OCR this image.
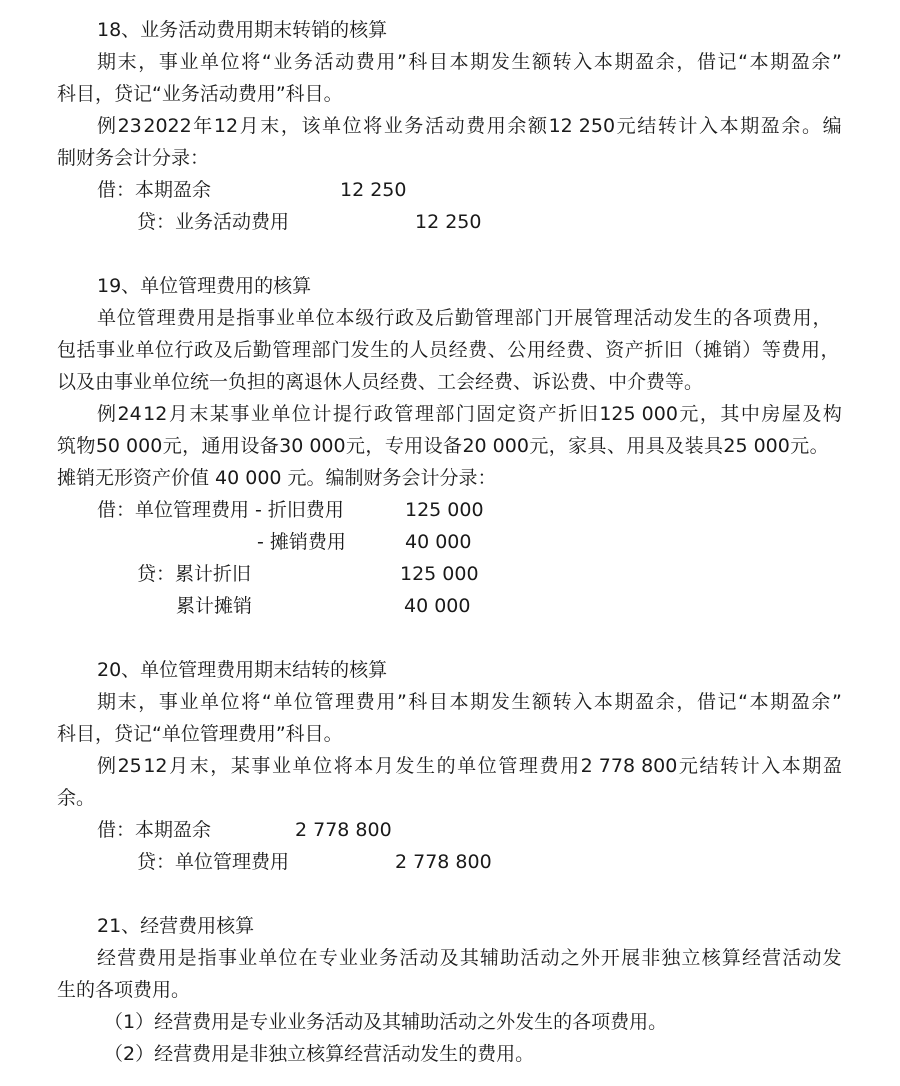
18、业务活动费用期末转销的核算
期 末 ， 事 业 单 位 将 “ 业 务 活 动 费 用 ” 科 目 本 期 发 生 额 转 入 本 期 盈 余 ， 借 记 “ 本 期 盈 余 ”
科目，贷记“业务活动费用”科目。
例 23 2022 年 12 月 末 ， 该 单 位 将 业 务 活 动 费 用 余 额 12 250 元 结 转 计 入 本 期 盈 余 。 编
制财务会计分录：
借：本期盈余	12 250
贷：业务活动费用	12 250
19、单位管理费用的核算
单 位 管 理 费 用 是 指 事 业 单 位 本 级 行 政 及 后 勤 管 理 部 门 开 展 管 理 活 动 发 生 的 各 项 费 用 ，
包 括 事 业 单 位 行 政 及 后 勤 管 理 部 门 发 生 的 人 员 经 费 、 公 用 经 费 、 资 产 折 旧 （ 摊 销 ） 等 费 用 ，
以及由事业单位统一负担的离退休人员经费、工会经费、诉讼费、中介费等。
例 24 12 月 末 某 事 业 单 位 计 提 行 政 管 理 部 门 固 定 资 产 折 旧 125 000 元 ， 其 中 房 屋 及 构
筑 物 50 000 元 ， 通 用 设 备 30 000 元 ， 专 用 设 备 20 000 元 ， 家 具 、 用 具 及 装 具 25 000 元 。
摊销无形资产价值 40 000 元。编制财务会计分录：
借：单位管理费用 - 折旧费用	125 000
- 摊销费用	40 000
贷：累计折旧	125 000
累计摊销	40 000
20、单位管理费用期末结转的核算
期 末 ， 事 业 单 位 将 “ 单 位 管 理 费 用 ” 科 目 本 期 发 生 额 转 入 本 期 盈 余 ， 借 记 “ 本 期 盈 余 ”
科目，贷记“单位管理费用”科目。
例 25 12 月 末 ， 某 事 业 单 位 将 本 月 发 生 的 单 位 管 理 费 用 2 778 800 元 结 转 计 入 本 期 盈
余。
借：本期盈余	2 778 800
贷：单位管理费用	2 778 800
21、经营费用核算
经 营 费 用 是 指 事 业 单 位 在 专 业 业 务 活 动 及 其 辅 助 活 动 之 外 开 展 非 独 立 核 算 经 营 活 动 发
生的各项费用。
（1）经营费用是专业业务活动及其辅助活动之外发生的各项费用。
（2）经营费用是非独立核算经营活动发生的费用。
